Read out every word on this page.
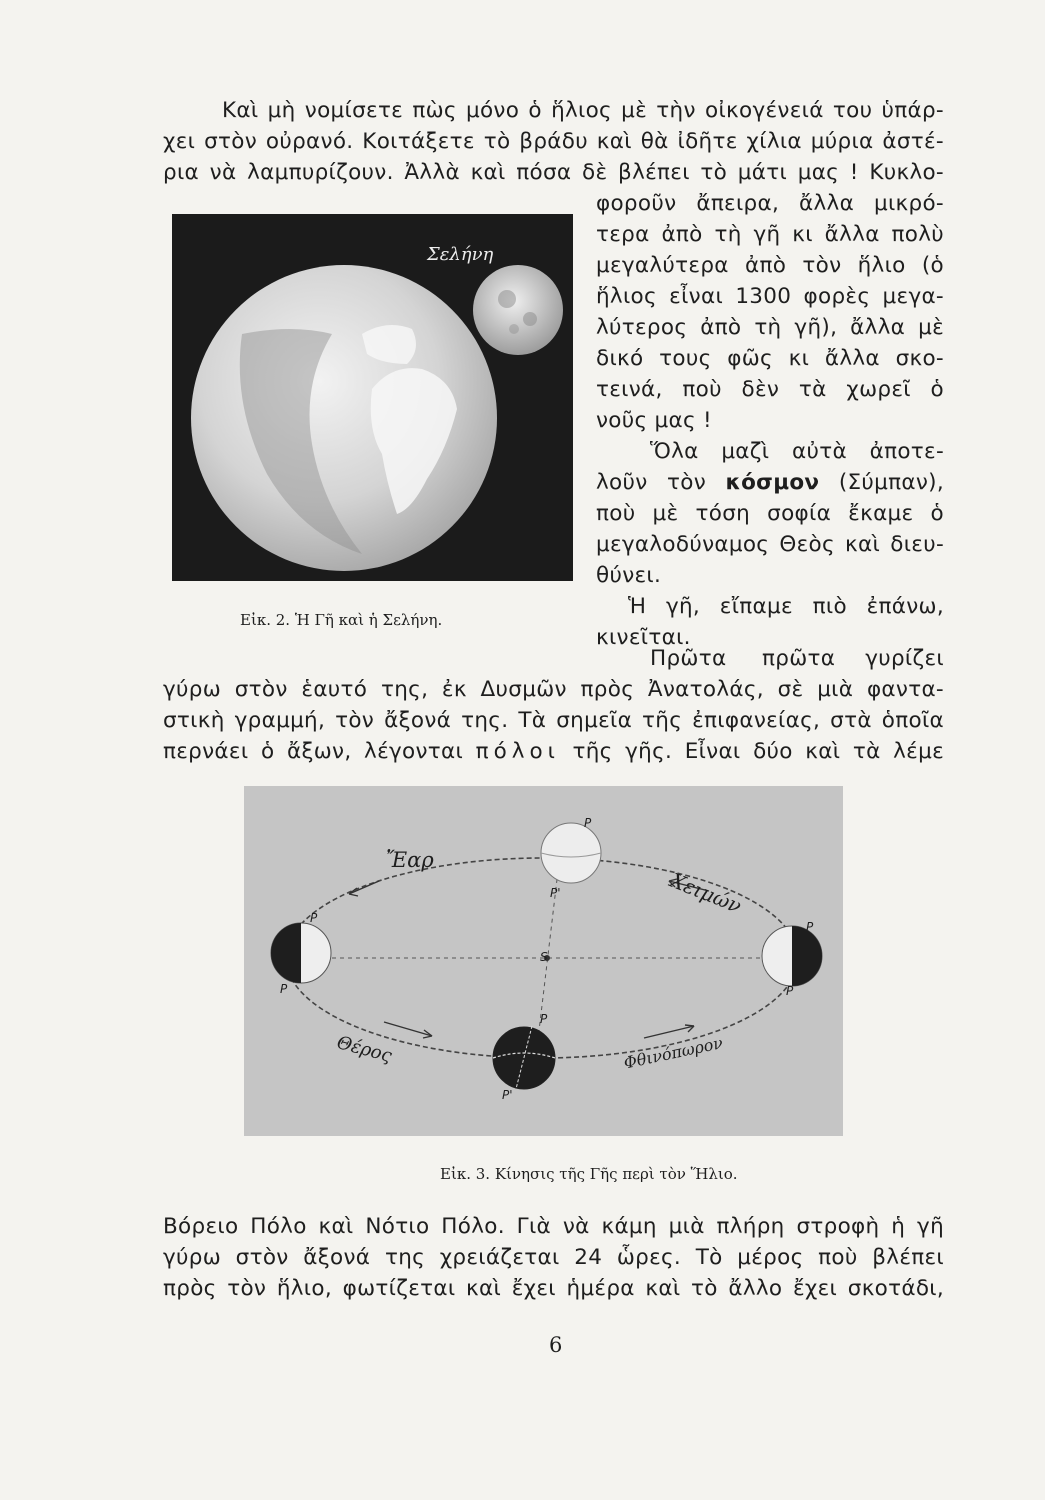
Καὶ μὴ νομίσετε πὼς μόνο ὁ ἥλιος μὲ τὴν οἰκογένειά του ὑπάρ-
χει στὸν οὐρανό. Κοιτάξετε τὸ βράδυ καὶ θὰ ἰδῆτε χίλια μύρια ἀστέ-
ρια νὰ λαμπυρίζουν. Ἀλλὰ καὶ πόσα δὲ βλέπει τὸ μάτι μας ! Κυκλο-
φοροῦν ἄπειρα, ἄλλα μικρό-
τερα ἀπὸ τὴ γῆ κι ἄλλα πολὺ
μεγαλύτερα ἀπὸ τὸν ἥλιο (ὁ
ἥλιος εἶναι 1300 φορὲς μεγα-
λύτερος ἀπὸ τὴ γῆ), ἄλλα μὲ
δικό τους φῶς κι ἄλλα σκο-
τεινά, ποὺ δὲν τὰ χωρεῖ ὁ
νοῦς μας !
Ὅλα μαζὶ αὐτὰ ἀποτε-
λοῦν τὸν κόσμον (Σύμπαν),
ποὺ μὲ τόση σοφία ἔκαμε ὁ
μεγαλοδύναμος Θεὸς καὶ διευ-
θύνει.
Ἡ γῆ, εἴπαμε πιὸ ἐπάνω,
κινεῖται.
Σελήνη
Εἰκ. 2. Ἡ Γῆ καὶ ἡ Σελήνη.
Πρῶτα πρῶτα γυρίζει
γύρω στὸν ἑαυτό της, ἐκ Δυσμῶν πρὸς Ἀνατολάς, σὲ μιὰ φαντα-
στικὴ γραμμή, τὸν ἄξονά της. Τὰ σημεῖα τῆς ἐπιφανείας, στὰ ὁποῖα
περνάει ὁ ἄξων, λέγονται πόλοι τῆς γῆς. Εἶναι δύο καὶ τὰ λέμε
Ἔαρ
Χειμών
Θέρος	Φθινόπωρον
P
P'
P
P
P
P
P
P'
S
Εἰκ. 3. Κίνησις τῆς Γῆς περὶ τὸν Ἥλιο.
Βόρειο Πόλο καὶ Νότιο Πόλο. Γιὰ νὰ κάμη μιὰ πλήρη στροφὴ ἡ γῆ
γύρω στὸν ἄξονά της χρειάζεται 24 ὧρες. Τὸ μέρος ποὺ βλέπει
πρὸς τὸν ἥλιο, φωτίζεται καὶ ἔχει ἡμέρα καὶ τὸ ἄλλο ἔχει σκοτάδι,
6
